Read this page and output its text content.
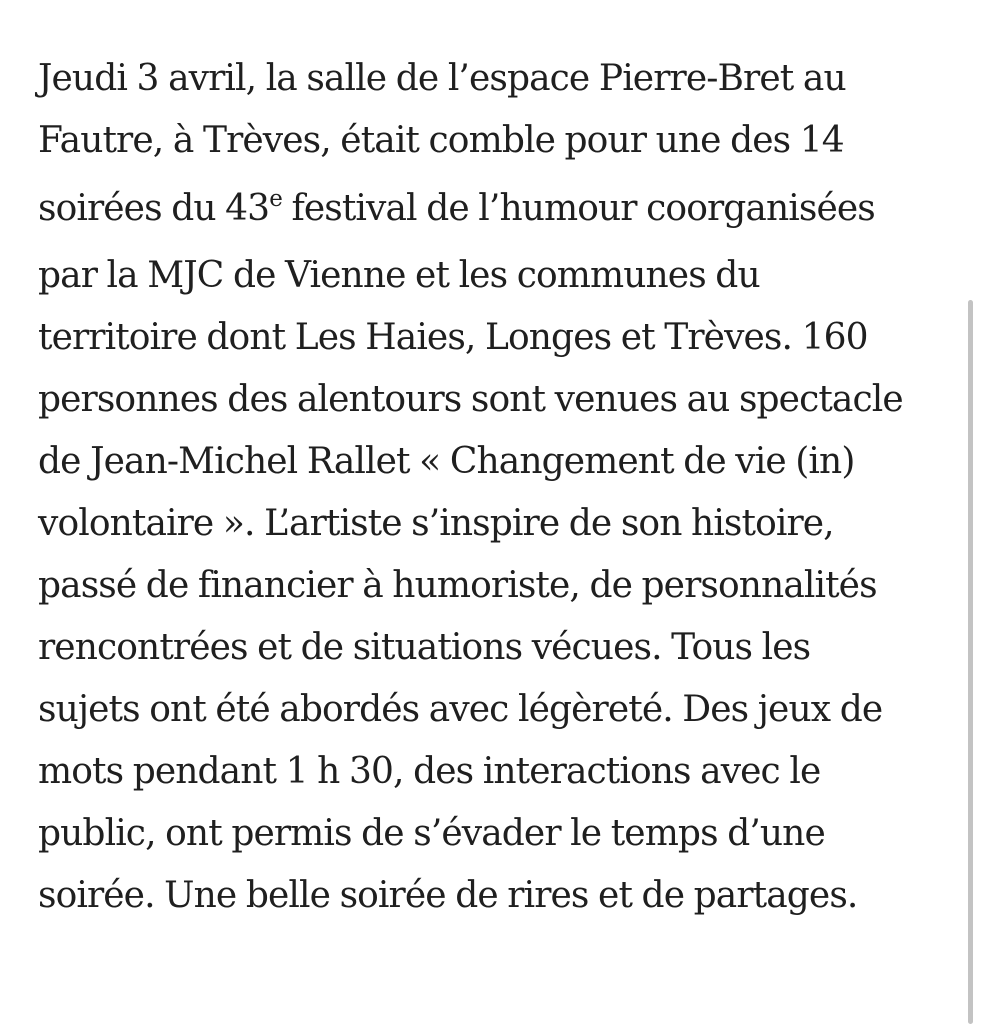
Jeudi 3 avril, la salle de l’espace Pierre-Bret au
Fautre, à Trèves, était comble pour une des 14
soirées du 43e festival de l’humour coorganisées
par la MJC de Vienne et les communes du
territoire dont Les Haies, Longes et Trèves. 160
personnes des alentours sont venues au spectacle
de Jean-Michel Rallet « Changement de vie (in)
volontaire ». L’artiste s’inspire de son histoire,
passé de financier à humoriste, de personnalités
rencontrées et de situations vécues. Tous les
sujets ont été abordés avec légèreté. Des jeux de
mots pendant 1 h 30, des interactions avec le
public, ont permis de s’évader le temps d’une
soirée. Une belle soirée de rires et de partages.
